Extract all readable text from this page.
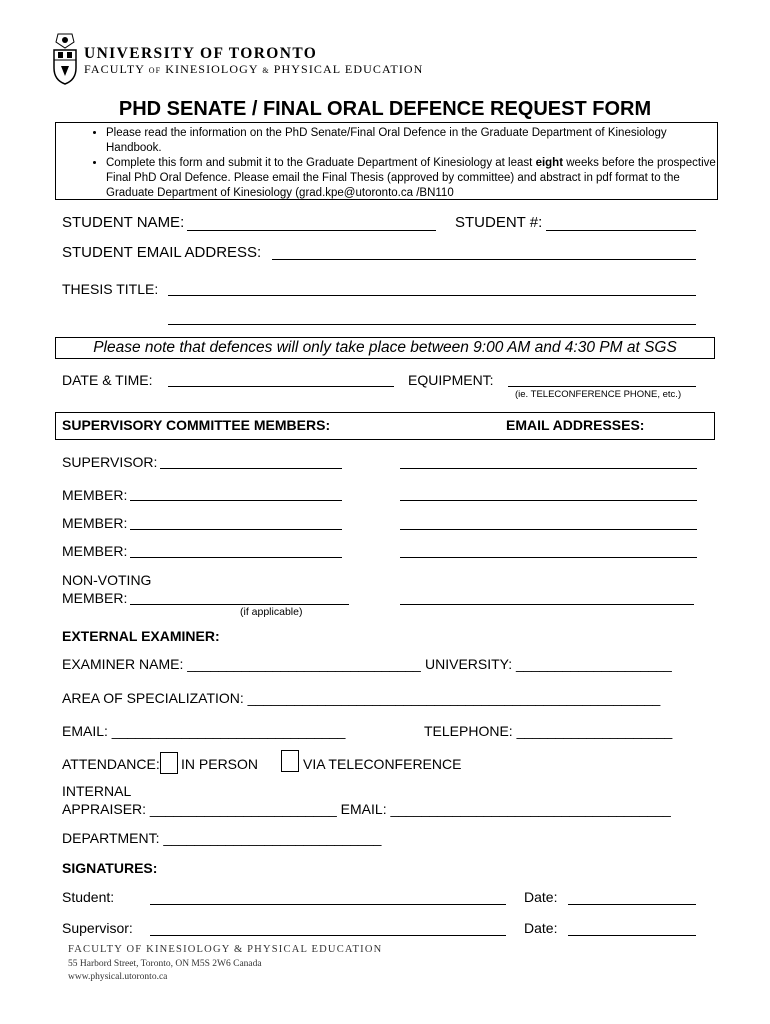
UNIVERSITY OF TORONTO
FACULTY OF KINESIOLOGY & PHYSICAL EDUCATION
PHD SENATE / FINAL ORAL DEFENCE REQUEST FORM
• Please read the information on the PhD Senate/Final Oral Defence in the Graduate Department of Kinesiology Handbook.
• Complete this form and submit it to the Graduate Department of Kinesiology at least eight weeks before the prospective Final PhD Oral Defence. Please email the Final Thesis (approved by committee) and abstract in pdf format to the Graduate Department of Kinesiology (grad.kpe@utoronto.ca /BN110
STUDENT NAME:	STUDENT #:
STUDENT EMAIL ADDRESS:
THESIS TITLE:
Please note that defences will only take place between 9:00 AM and 4:30 PM at SGS
DATE & TIME:	EQUIPMENT:
(ie. TELECONFERENCE PHONE, etc.)
SUPERVISORY COMMITTEE MEMBERS:	EMAIL ADDRESSES:
SUPERVISOR:
MEMBER:
MEMBER:
MEMBER:
NON-VOTING
MEMBER:
(if applicable)
EXTERNAL EXAMINER:
EXAMINER NAME: ______________________________ UNIVERSITY: ____________________
AREA OF SPECIALIZATION: _____________________________________________________
EMAIL: ______________________________	TELEPHONE: ____________________
ATTENDANCE: IN PERSON	VIA TELECONFERENCE
INTERNAL
APPRAISER: ________________________ EMAIL: ____________________________________
DEPARTMENT: ____________________________
SIGNATURES:
Student:	Date:
Supervisor:	Date:
FACULTY OF KINESIOLOGY & PHYSICAL EDUCATION
55 Harbord Street, Toronto, ON M5S 2W6 Canada
www.physical.utoronto.ca
